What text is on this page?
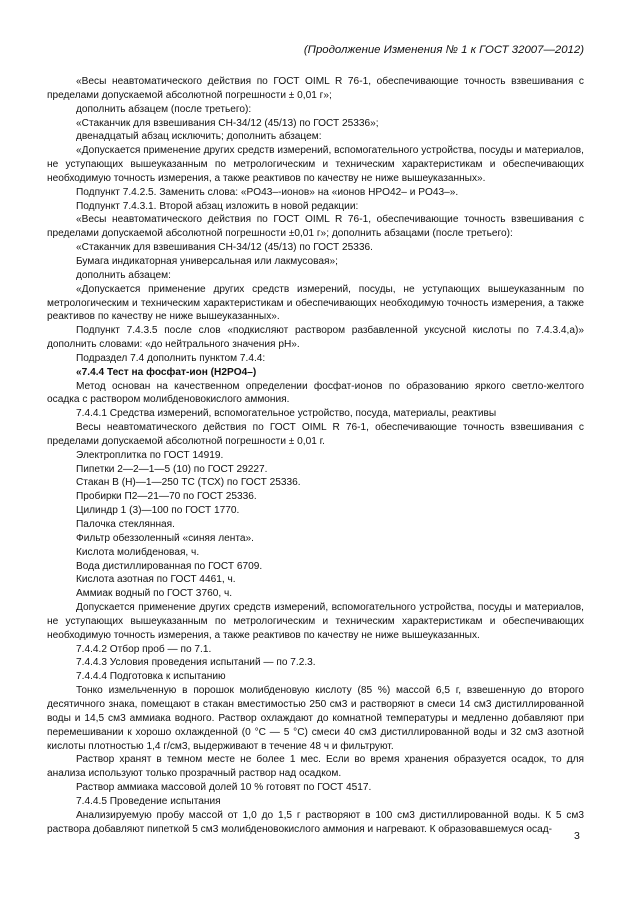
(Продолжение Изменения № 1 к ГОСТ 32007—2012)

«Весы неавтоматического действия по ГОСТ OIML R 76-1, обеспечивающие точность взвешивания с пределами допускаемой абсолютной погрешности ± 0,01 г»;

дополнить абзацем (после третьего):

«Стаканчик для взвешивания СН-34/12 (45/13) по ГОСТ 25336»;

двенадцатый абзац исключить; дополнить абзацем:

«Допускается применение других средств измерений, вспомогательного устройства, посуды и материалов, не уступающих вышеуказанным по метрологическим и техническим характеристикам и обеспечивающих необходимую точность измерения, а также реактивов по качеству не ниже вышеуказанных».

Подпункт 7.4.2.5. Заменить слова: «PO43–-ионов» на «ионов HPO42– и PO43–».

Подпункт 7.4.3.1. Второй абзац изложить в новой редакции:

«Весы неавтоматического действия по ГОСТ OIML R 76-1, обеспечивающие точность взвешивания с пределами допускаемой абсолютной погрешности ±0,01 г»; дополнить абзацами (после третьего):

«Стаканчик для взвешивания СН-34/12 (45/13) по ГОСТ 25336.

Бумага индикаторная универсальная или лакмусовая»;

дополнить абзацем:

«Допускается применение других средств измерений, посуды, не уступающих вышеуказанным по метрологическим и техническим характеристикам и обеспечивающих необходимую точность измерения, а также реактивов по качеству не ниже вышеуказанных».

Подпункт 7.4.3.5 после слов «подкисляют раствором разбавленной уксусной кислоты по 7.4.3.4,а)» дополнить словами: «до нейтрального значения pH».

Подраздел 7.4 дополнить пунктом 7.4.4:

«7.4.4 Тест на фосфат-ион (H2PO4–)

Метод основан на качественном определении фосфат-ионов по образованию яркого светло-желтого осадка с раствором молибденовокислого аммония.

7.4.4.1 Средства измерений, вспомогательное устройство, посуда, материалы, реактивы

Весы неавтоматического действия по ГОСТ OIML R 76-1, обеспечивающие точность взвешивания с пределами допускаемой абсолютной погрешности ± 0,01 г.

Электроплитка по ГОСТ 14919.

Пипетки 2—2—1—5 (10) по ГОСТ 29227.

Стакан В (Н)—1—250 ТС (ТСХ) по ГОСТ 25336.

Пробирки П2—21—70 по ГОСТ 25336.

Цилиндр 1 (3)—100 по ГОСТ 1770.

Палочка стеклянная.

Фильтр обеззоленный «синяя лента».

Кислота молибденовая, ч.

Вода дистиллированная по ГОСТ 6709.

Кислота азотная по ГОСТ 4461, ч.

Аммиак водный по ГОСТ 3760, ч.

Допускается применение других средств измерений, вспомогательного устройства, посуды и материалов, не уступающих вышеуказанным по метрологическим и техническим характеристикам и обеспечивающих необходимую точность измерения, а также реактивов по качеству не ниже вышеуказанных.

7.4.4.2 Отбор проб — по 7.1.

7.4.4.3 Условия проведения испытаний — по 7.2.3.

7.4.4.4 Подготовка к испытанию

Тонко измельченную в порошок молибденовую кислоту (85 %) массой 6,5 г, взвешенную до второго десятичного знака, помещают в стакан вместимостью 250 см3 и растворяют в смеси 14 см3 дистиллированной воды и 14,5 см3 аммиака водного. Раствор охлаждают до комнатной температуры и медленно добавляют при перемешивании к хорошо охлажденной (0 °С — 5 °С) смеси 40 см3 дистиллированной воды и 32 см3 азотной кислоты плотностью 1,4 г/см3, выдерживают в течение 48 ч и фильтруют.

Раствор хранят в темном месте не более 1 мес. Если во время хранения образуется осадок, то для анализа используют только прозрачный раствор над осадком.

Раствор аммиака массовой долей 10 % готовят по ГОСТ 4517.

7.4.4.5 Проведение испытания

Анализируемую пробу массой от 1,0 до 1,5 г растворяют в 100 см3 дистиллированной воды. К 5 см3 раствора добавляют пипеткой 5 см3 молибденовокислого аммония и нагревают. К образовавшемуся осад-

3
